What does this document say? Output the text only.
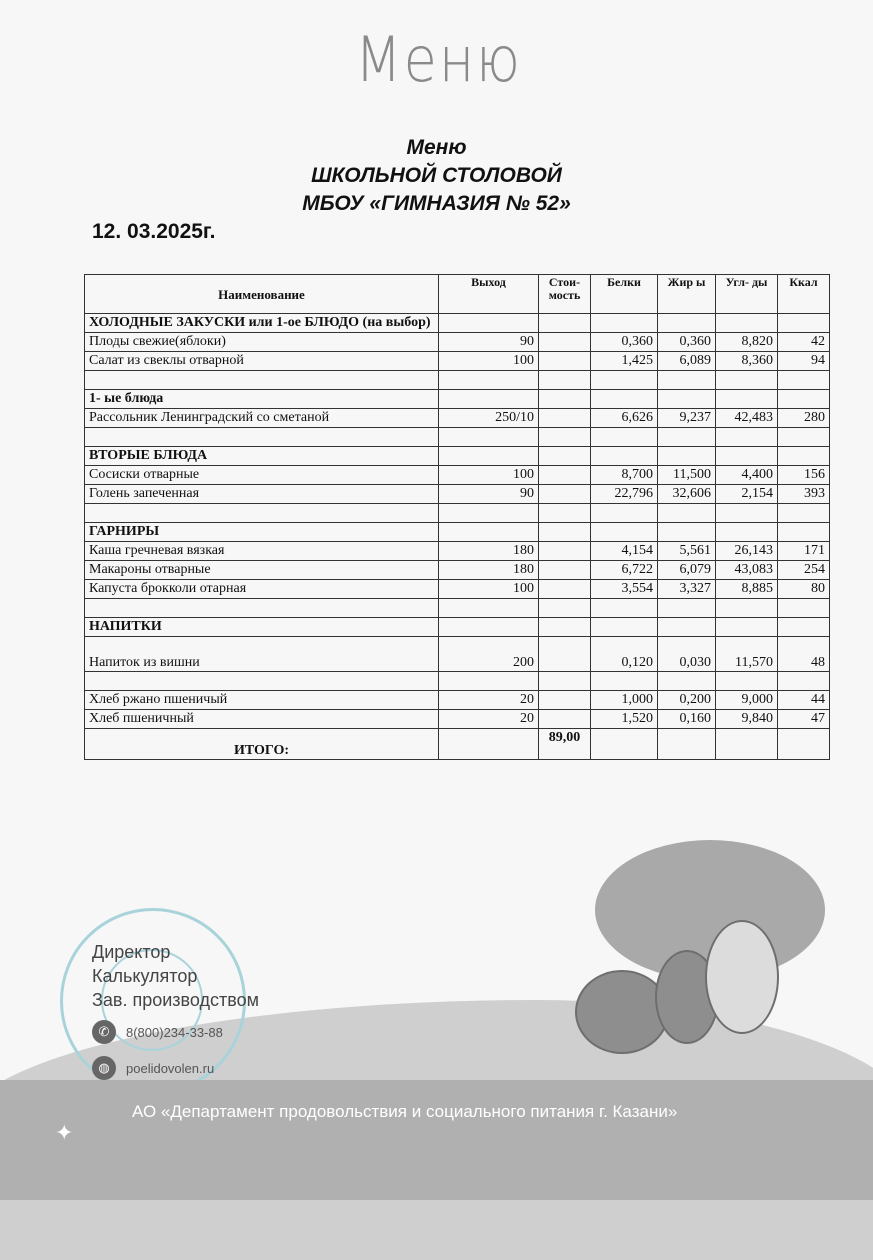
Меню
Меню
ШКОЛЬНОЙ СТОЛОВОЙ
МБОУ «ГИМНАЗИЯ № 52»
12. 03.2025г.
Наименование	Выход	Стои-мость	Белки	Жир ы	Угл- ды	Ккал
ХОЛОДНЫЕ ЗАКУСКИ или 1-ое БЛЮДО (на выбор)						
Плоды свежие(яблоки)	90		0,360	0,360	8,820	42
Салат из свеклы отварной	100		1,425	6,089	8,360	94

1- ые блюда						
Рассольник Ленинградский со сметаной	250/10		6,626	9,237	42,483	280

ВТОРЫЕ БЛЮДА						
Сосиски отварные	100		8,700	11,500	4,400	156
Голень запеченная	90		22,796	32,606	2,154	393

ГАРНИРЫ						
Каша гречневая вязкая	180		4,154	5,561	26,143	171
Макароны отварные	180		6,722	6,079	43,083	254
Капуста брокколи отарная	100		3,554	3,327	8,885	80

НАПИТКИ						
Напиток из вишни	200		0,120	0,030	11,570	48

Хлеб ржано пшеничый	20		1,000	0,200	9,000	44
Хлеб пшеничный	20		1,520	0,160	9,840	47
ИТОГО:		89,00				
Директор
Калькулятор
Зав. производством
✆	8(800)234-33-88
◍	poelidovolen.ru
✦
АО «Департамент продовольствия и социального питания г. Казани»
